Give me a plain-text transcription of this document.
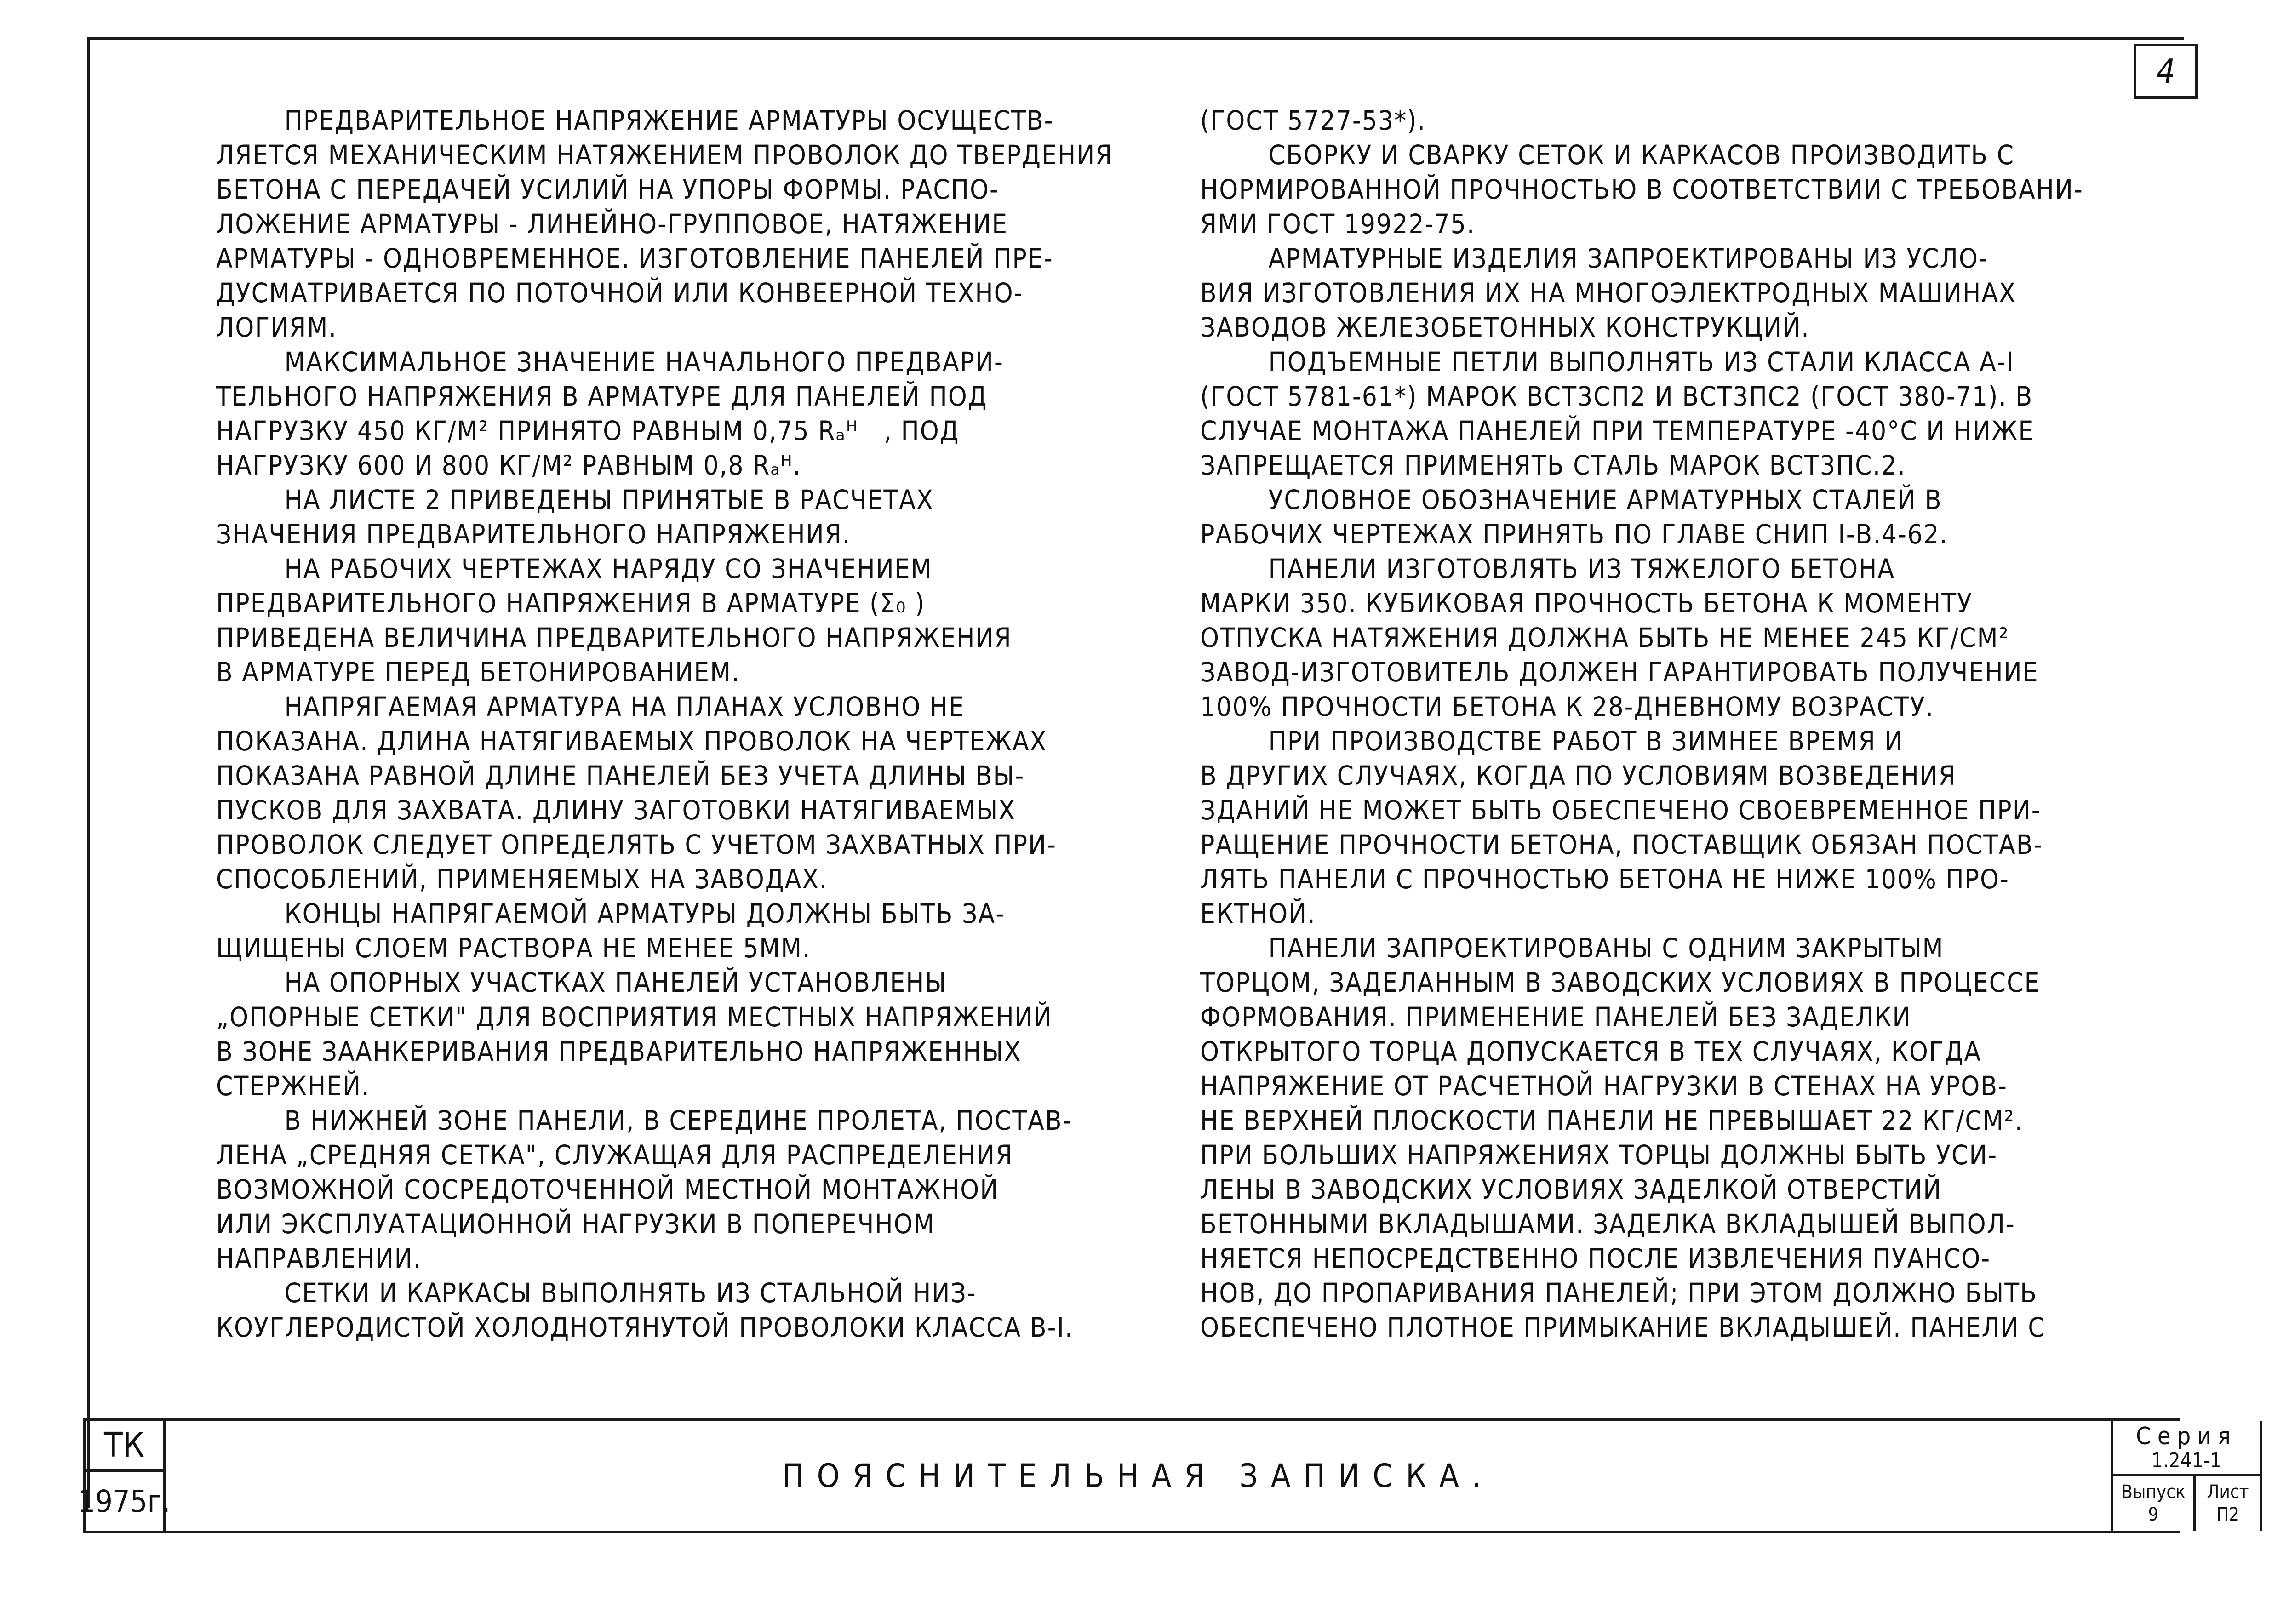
4

ПРЕДВАРИТЕЛЬНОЕ НАПРЯЖЕНИЕ АРМАТУРЫ ОСУЩЕСТВ-

ЛЯЕТСЯ МЕХАНИЧЕСКИМ НАТЯЖЕНИЕМ ПРОВОЛОК ДО ТВЕРДЕНИЯ

БЕТОНА С ПЕРЕДАЧЕЙ УСИЛИЙ НА УПОРЫ ФОРМЫ. РАСПО-

ЛОЖЕНИЕ АРМАТУРЫ - ЛИНЕЙНО-ГРУППОВОЕ, НАТЯЖЕНИЕ

АРМАТУРЫ - ОДНОВРЕМЕННОЕ. ИЗГОТОВЛЕНИЕ ПАНЕЛЕЙ ПРЕ-

ДУСМАТРИВАЕТСЯ ПО ПОТОЧНОЙ ИЛИ КОНВЕЕРНОЙ ТЕХНО-

ЛОГИЯМ.

МАКСИМАЛЬНОЕ ЗНАЧЕНИЕ НАЧАЛЬНОГО ПРЕДВАРИ-

ТЕЛЬНОГО НАПРЯЖЕНИЯ В АРМАТУРЕ ДЛЯ ПАНЕЛЕЙ ПОД

НАГРУЗКУ 450 КГ/М² ПРИНЯТО РАВНЫМ 0,75 Rₐᴴ   , ПОД

НАГРУЗКУ 600 И 800 КГ/М² РАВНЫМ 0,8 Rₐᴴ.

НА ЛИСТЕ 2 ПРИВЕДЕНЫ ПРИНЯТЫЕ В РАСЧЕТАХ

ЗНАЧЕНИЯ ПРЕДВАРИТЕЛЬНОГО НАПРЯЖЕНИЯ.

НА РАБОЧИХ ЧЕРТЕЖАХ НАРЯДУ СО ЗНАЧЕНИЕМ

ПРЕДВАРИТЕЛЬНОГО НАПРЯЖЕНИЯ В АРМАТУРЕ (Σ₀ )

ПРИВЕДЕНА ВЕЛИЧИНА ПРЕДВАРИТЕЛЬНОГО НАПРЯЖЕНИЯ

В АРМАТУРЕ ПЕРЕД БЕТОНИРОВАНИЕМ.

НАПРЯГАЕМАЯ АРМАТУРА НА ПЛАНАХ УСЛОВНО НЕ

ПОКАЗАНА. ДЛИНА НАТЯГИВАЕМЫХ ПРОВОЛОК НА ЧЕРТЕЖАХ

ПОКАЗАНА РАВНОЙ ДЛИНЕ ПАНЕЛЕЙ БЕЗ УЧЕТА ДЛИНЫ ВЫ-

ПУСКОВ ДЛЯ ЗАХВАТА. ДЛИНУ ЗАГОТОВКИ НАТЯГИВАЕМЫХ

ПРОВОЛОК СЛЕДУЕТ ОПРЕДЕЛЯТЬ С УЧЕТОМ ЗАХВАТНЫХ ПРИ-

СПОСОБЛЕНИЙ, ПРИМЕНЯЕМЫХ НА ЗАВОДАХ.

КОНЦЫ НАПРЯГАЕМОЙ АРМАТУРЫ ДОЛЖНЫ БЫТЬ ЗА-

ЩИЩЕНЫ СЛОЕМ РАСТВОРА НЕ МЕНЕЕ 5ММ.

НА ОПОРНЫХ УЧАСТКАХ ПАНЕЛЕЙ УСТАНОВЛЕНЫ

„ОПОРНЫЕ СЕТКИ" ДЛЯ ВОСПРИЯТИЯ МЕСТНЫХ НАПРЯЖЕНИЙ

В ЗОНЕ ЗААНКЕРИВАНИЯ ПРЕДВАРИТЕЛЬНО НАПРЯЖЕННЫХ

СТЕРЖНЕЙ.

В НИЖНЕЙ ЗОНЕ ПАНЕЛИ, В СЕРЕДИНЕ ПРОЛЕТА, ПОСТАВ-

ЛЕНА „СРЕДНЯЯ СЕТКА", СЛУЖАЩАЯ ДЛЯ РАСПРЕДЕЛЕНИЯ

ВОЗМОЖНОЙ СОСРЕДОТОЧЕННОЙ МЕСТНОЙ МОНТАЖНОЙ

ИЛИ ЭКСПЛУАТАЦИОННОЙ НАГРУЗКИ В ПОПЕРЕЧНОМ

НАПРАВЛЕНИИ.

СЕТКИ И КАРКАСЫ ВЫПОЛНЯТЬ ИЗ СТАЛЬНОЙ НИЗ-

КОУГЛЕРОДИСТОЙ ХОЛОДНОТЯНУТОЙ ПРОВОЛОКИ КЛАССА В-I.

(ГОСТ 5727-53*).

СБОРКУ И СВАРКУ СЕТОК И КАРКАСОВ ПРОИЗВОДИТЬ С

НОРМИРОВАННОЙ ПРОЧНОСТЬЮ В СООТВЕТСТВИИ С ТРЕБОВАНИ-

ЯМИ ГОСТ 19922-75.

АРМАТУРНЫЕ ИЗДЕЛИЯ ЗАПРОЕКТИРОВАНЫ ИЗ УСЛО-

ВИЯ ИЗГОТОВЛЕНИЯ ИХ НА МНОГОЭЛЕКТРОДНЫХ МАШИНАХ

ЗАВОДОВ ЖЕЛЕЗОБЕТОННЫХ КОНСТРУКЦИЙ.

ПОДЪЕМНЫЕ ПЕТЛИ ВЫПОЛНЯТЬ ИЗ СТАЛИ КЛАССА А-I

(ГОСТ 5781-61*) МАРОК ВСТ3СП2 И ВСТ3ПС2 (ГОСТ 380-71). В

СЛУЧАЕ МОНТАЖА ПАНЕЛЕЙ ПРИ ТЕМПЕРАТУРЕ -40°С И НИЖЕ

ЗАПРЕЩАЕТСЯ ПРИМЕНЯТЬ СТАЛЬ МАРОК ВСТ3ПС.2.

УСЛОВНОЕ ОБОЗНАЧЕНИЕ АРМАТУРНЫХ СТАЛЕЙ В

РАБОЧИХ ЧЕРТЕЖАХ ПРИНЯТЬ ПО ГЛАВЕ СНИП I-В.4-62.

ПАНЕЛИ ИЗГОТОВЛЯТЬ ИЗ ТЯЖЕЛОГО БЕТОНА

МАРКИ 350. КУБИКОВАЯ ПРОЧНОСТЬ БЕТОНА К МОМЕНТУ

ОТПУСКА НАТЯЖЕНИЯ ДОЛЖНА БЫТЬ НЕ МЕНЕЕ 245 КГ/СМ²

ЗАВОД-ИЗГОТОВИТЕЛЬ ДОЛЖЕН ГАРАНТИРОВАТЬ ПОЛУЧЕНИЕ

100% ПРОЧНОСТИ БЕТОНА К 28-ДНЕВНОМУ ВОЗРАСТУ.

ПРИ ПРОИЗВОДСТВЕ РАБОТ В ЗИМНЕЕ ВРЕМЯ И

В ДРУГИХ СЛУЧАЯХ, КОГДА ПО УСЛОВИЯМ ВОЗВЕДЕНИЯ

ЗДАНИЙ НЕ МОЖЕТ БЫТЬ ОБЕСПЕЧЕНО СВОЕВРЕМЕННОЕ ПРИ-

РАЩЕНИЕ ПРОЧНОСТИ БЕТОНА, ПОСТАВЩИК ОБЯЗАН ПОСТАВ-

ЛЯТЬ ПАНЕЛИ С ПРОЧНОСТЬЮ БЕТОНА НЕ НИЖЕ 100% ПРО-

ЕКТНОЙ.

ПАНЕЛИ ЗАПРОЕКТИРОВАНЫ С ОДНИМ ЗАКРЫТЫМ

ТОРЦОМ, ЗАДЕЛАННЫМ В ЗАВОДСКИХ УСЛОВИЯХ В ПРОЦЕССЕ

ФОРМОВАНИЯ. ПРИМЕНЕНИЕ ПАНЕЛЕЙ БЕЗ ЗАДЕЛКИ

ОТКРЫТОГО ТОРЦА ДОПУСКАЕТСЯ В ТЕХ СЛУЧАЯХ, КОГДА

НАПРЯЖЕНИЕ ОТ РАСЧЕТНОЙ НАГРУЗКИ В СТЕНАХ НА УРОВ-

НЕ ВЕРХНЕЙ ПЛОСКОСТИ ПАНЕЛИ НЕ ПРЕВЫШАЕТ 22 КГ/СМ².

ПРИ БОЛЬШИХ НАПРЯЖЕНИЯХ ТОРЦЫ ДОЛЖНЫ БЫТЬ УСИ-

ЛЕНЫ В ЗАВОДСКИХ УСЛОВИЯХ ЗАДЕЛКОЙ ОТВЕРСТИЙ

БЕТОННЫМИ ВКЛАДЫШАМИ. ЗАДЕЛКА ВКЛАДЫШЕЙ ВЫПОЛ-

НЯЕТСЯ НЕПОСРЕДСТВЕННО ПОСЛЕ ИЗВЛЕЧЕНИЯ ПУАНСО-

НОВ, ДО ПРОПАРИВАНИЯ ПАНЕЛЕЙ; ПРИ ЭТОМ ДОЛЖНО БЫТЬ

ОБЕСПЕЧЕНО ПЛОТНОЕ ПРИМЫКАНИЕ ВКЛАДЫШЕЙ. ПАНЕЛИ С

ТК
1975г.
ПОЯСНИТЕЛЬНАЯ ЗАПИСКА.
Серия
1.241-1
Выпуск
9
Лист
П2
